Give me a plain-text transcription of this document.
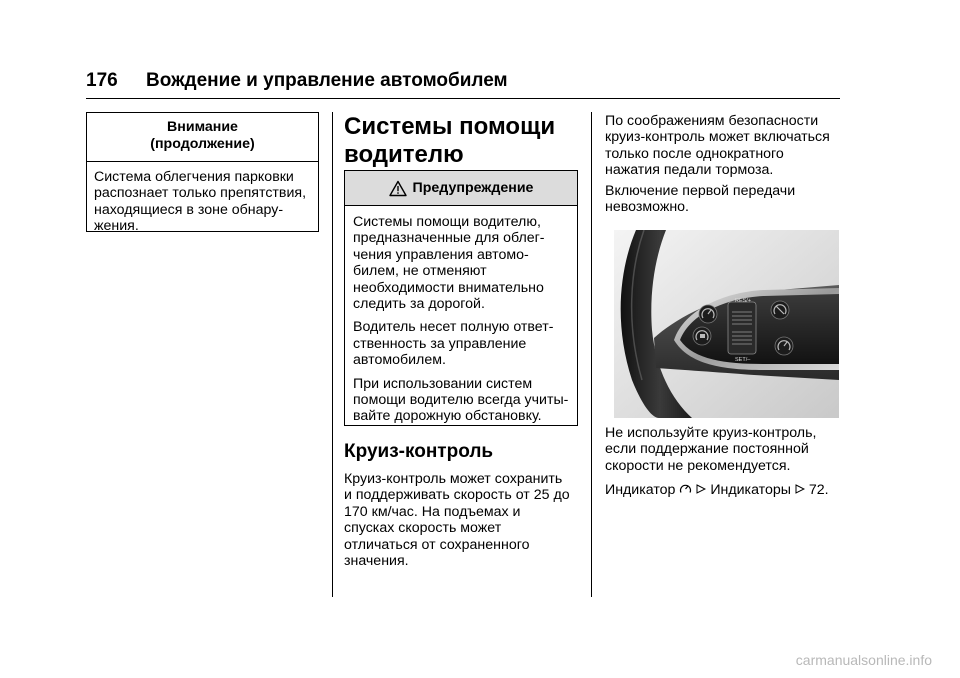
176 Вождение и управление автомобилем
Внимание
(продолжение)

Система облегчения парковки
распознает только препятствия,
находящиеся в зоне обнару-
жения.

Системы помощи
водителю
Предупреждение

Системы помощи водителю,
предназначенные для облег-
чения управления автомо-
билем, не отменяют
необходимости внимательно
следить за дорогой.

Водитель несет полную ответ-
ственность за управление
автомобилем.

При использовании систем
помощи водителю всегда учиты-
вайте дорожную обстановку.

Круиз-контроль

Круиз-контроль может сохранить
и поддерживать скорость от 25 до
170 км/час. На подъемах и
спусках скорость может
отличаться от сохраненного
значения.

По соображениям безопасности
круиз-контроль может включаться
только после однократного
нажатия педали тормоза.

Включение первой передачи
невозможно.

RES/+
SET/–

Не используйте круиз-контроль,
если поддержание постоянной
скорости не рекомендуется.

Индикатор Индикаторы 72.

carmanualsonline.info
